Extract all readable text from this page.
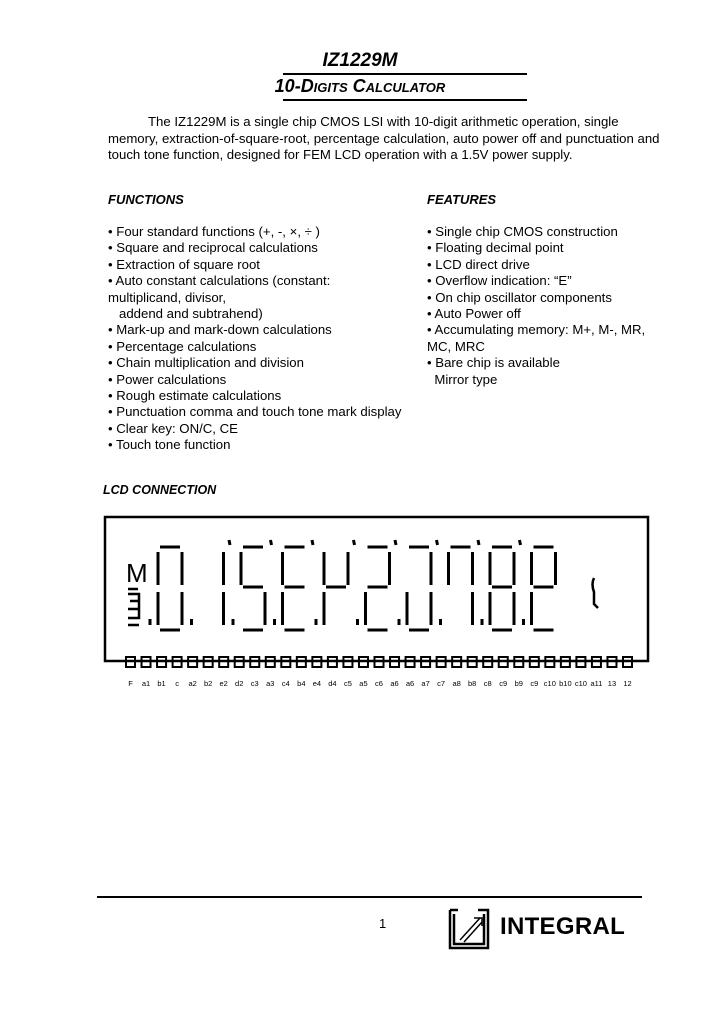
IZ1229M
10-Digits Calculator
The IZ1229M is a single chip CMOS LSI with 10-digit arithmetic operation, single memory, extraction-of-square-root, percentage calculation, auto power off and punctuation and touch tone function, designed for FEM LCD operation with a 1.5V power supply.
FUNCTIONS
• Four standard functions (+, -, ×, ÷ )
• Square and reciprocal calculations
• Extraction of square root
• Auto constant calculations (constant:
multiplicand, divisor,
addend and subtrahend)
• Mark-up and mark-down calculations
• Percentage calculations
• Chain multiplication and division
• Power calculations
• Rough estimate calculations
• Punctuation comma and touch tone mark display
• Clear key: ON/C, CE
• Touch tone function
FEATURES
• Single chip CMOS construction
• Floating decimal point
• LCD direct drive
• Overflow indication: “E”
• On chip oscillator components
• Auto Power off
• Accumulating memory: M+, M-, MR,
MC, MRC
• Bare chip is available
Mirror type
LCD CONNECTION
M
F a1 b1 c a2 b2 e2 d2 c3 a3 c4 b4 e4 d4 c5 a5 c6 a6 a6 a7 c7 a8 b8 c8 c9 b9 c9 c10 b10 c10 a11 13 12
1	INTEGRAL
